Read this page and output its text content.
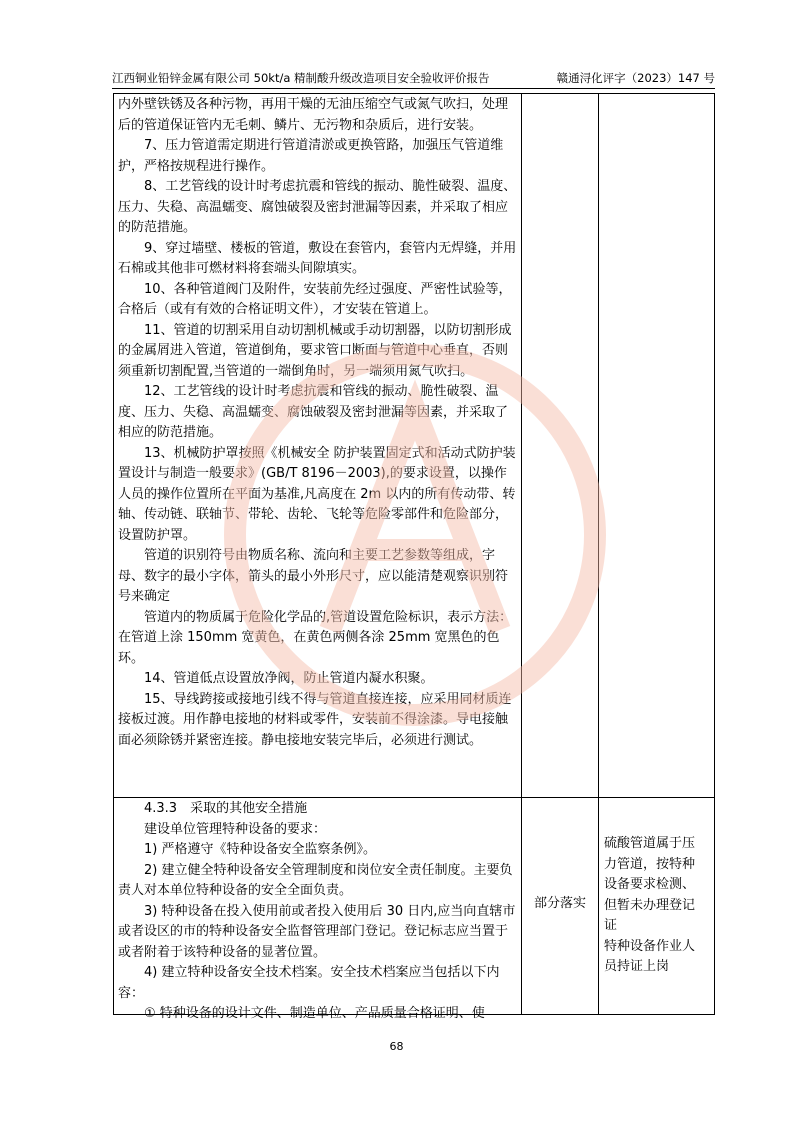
江西铜业铅锌金属有限公司 50kt/a 精制酸升级改造项目安全验收评价报告	赣通浔化评字（2023）147 号

内外壁铁锈及各种污物，再用干燥的无油压缩空气或氮气吹扫，处理后的管道保证管内无毛刺、鳞片、无污物和杂质后，进行安装。

7、压力管道需定期进行管道清淤或更换管路，加强压气管道维护，严格按规程进行操作。

8、工艺管线的设计时考虑抗震和管线的振动、脆性破裂、温度、压力、失稳、高温蠕变、腐蚀破裂及密封泄漏等因素，并采取了相应的防范措施。

9、穿过墙壁、楼板的管道，敷设在套管内，套管内无焊缝，并用石棉或其他非可燃材料将套端头间隙填实。

10、各种管道阀门及附件，安装前先经过强度、严密性试验等，合格后（或有有效的合格证明文件），才安装在管道上。

11、管道的切割采用自动切割机械或手动切割器，以防切割形成的金属屑进入管道，管道倒角，要求管口断面与管道中心垂直，否则须重新切割配置,当管道的一端倒角时，另一端须用氮气吹扫。

12、工艺管线的设计时考虑抗震和管线的振动、脆性破裂、温度、压力、失稳、高温蠕变、腐蚀破裂及密封泄漏等因素，并采取了相应的防范措施。

13、机械防护罩按照《机械安全 防护装置固定式和活动式防护装置设计与制造一般要求》(GB/T 8196－2003),的要求设置，以操作人员的操作位置所在平面为基准,凡高度在 2m 以内的所有传动带、转轴、传动链、联轴节、带轮、齿轮、飞轮等危险零部件和危险部分，设置防护罩。

管道的识别符号由物质名称、流向和主要工艺参数等组成，字母、数字的最小字体，箭头的最小外形尺寸，应以能清楚观察识别符号来确定

管道内的物质属于危险化学品的,管道设置危险标识，表示方法：在管道上涂 150mm 宽黄色，在黄色两侧各涂 25mm 宽黑色的色环。

14、管道低点设置放净阀，防止管道内凝水积聚。

15、导线跨接或接地引线不得与管道直接连接，应采用同材质连接板过渡。用作静电接地的材料或零件，安装前不得涂漆。导电接触面必须除锈并紧密连接。静电接地安装完毕后，必须进行测试。

4.3.3　采取的其他安全措施

建设单位管理特种设备的要求：

1) 严格遵守《特种设备安全监察条例》。

2) 建立健全特种设备安全管理制度和岗位安全责任制度。主要负责人对本单位特种设备的安全全面负责。

3) 特种设备在投入使用前或者投入使用后 30 日内,应当向直辖市或者设区的市的特种设备安全监督管理部门登记。登记标志应当置于或者附着于该特种设备的显著位置。

4) 建立特种设备安全技术档案。安全技术档案应当包括以下内容：

① 特种设备的设计文件、制造单位、产品质量合格证明、使

部分落实

硫酸管道属于压

力管道，按特种

设备要求检测、

但暂未办理登记

证

特种设备作业人

员持证上岗

68
